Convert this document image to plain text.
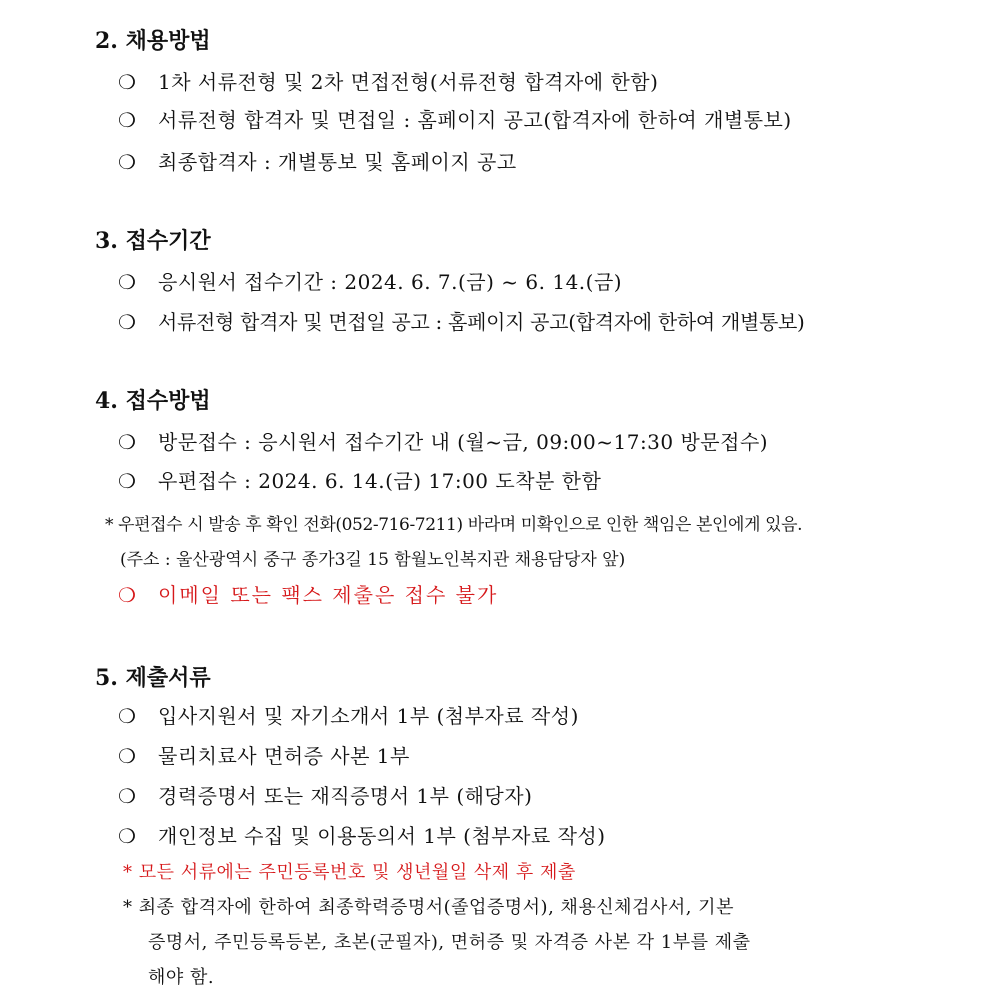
2. 채용방법
❍ 1차 서류전형 및 2차 면접전형(서류전형 합격자에 한함)
❍ 서류전형 합격자 및 면접일 : 홈페이지 공고(합격자에 한하여 개별통보)
❍ 최종합격자 : 개별통보 및 홈페이지 공고
3. 접수기간
❍ 응시원서 접수기간 : 2024. 6. 7.(금) ~ 6. 14.(금)
❍ 서류전형 합격자 및 면접일 공고 : 홈페이지 공고(합격자에 한하여 개별통보)
4. 접수방법
❍ 방문접수 : 응시원서 접수기간 내 (월~금, 09:00~17:30 방문접수)
❍ 우편접수 : 2024. 6. 14.(금) 17:00 도착분 한함
* 우편접수 시 발송 후 확인 전화(052-716-7211) 바라며 미확인으로 인한 책임은 본인에게 있음.
(주소 : 울산광역시 중구 종가3길 15 함월노인복지관 채용담당자 앞)
❍ 이메일 또는 팩스 제출은 접수 불가
5. 제출서류
❍ 입사지원서 및 자기소개서 1부 (첨부자료 작성)
❍ 물리치료사 면허증 사본 1부
❍ 경력증명서 또는 재직증명서 1부 (해당자)
❍ 개인정보 수집 및 이용동의서 1부 (첨부자료 작성)
* 모든 서류에는 주민등록번호 및 생년월일 삭제 후 제출
* 최종 합격자에 한하여 최종학력증명서(졸업증명서), 채용신체검사서, 기본
증명서, 주민등록등본, 초본(군필자), 면허증 및 자격증 사본 각 1부를 제출
해야 함.
